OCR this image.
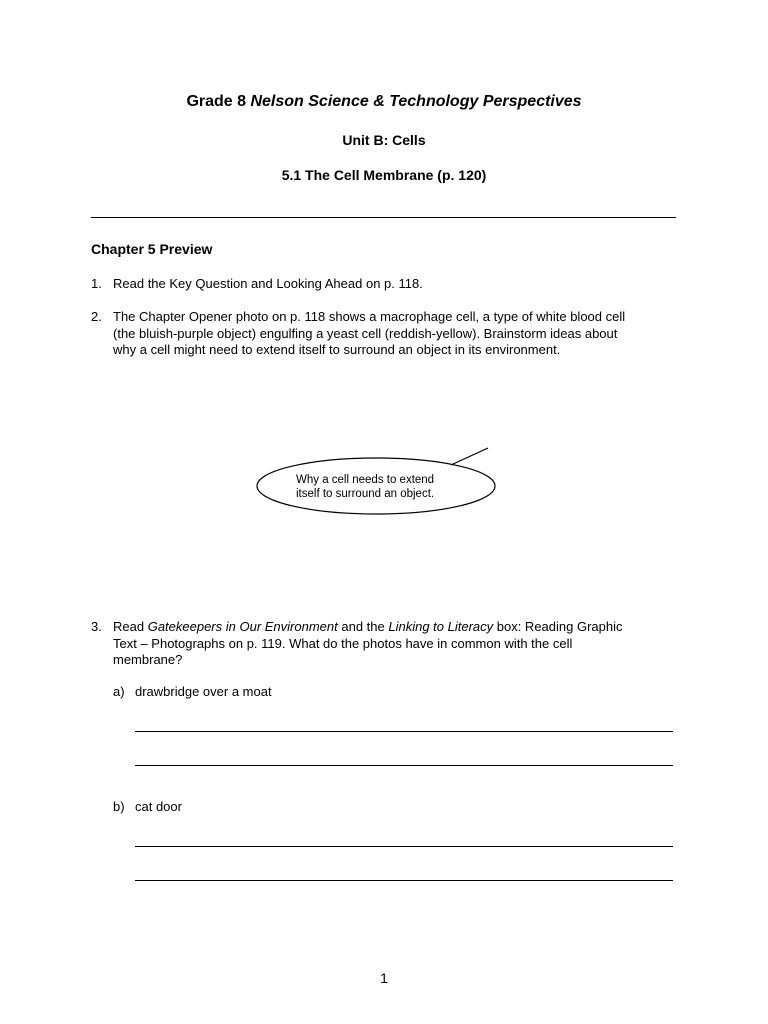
Grade 8 Nelson Science & Technology Perspectives
Unit B: Cells
5.1 The Cell Membrane (p. 120)
Chapter 5 Preview
1. Read the Key Question and Looking Ahead on p. 118.
2. The Chapter Opener photo on p. 118 shows a macrophage cell, a type of white blood cell
(the bluish-purple object) engulfing a yeast cell (reddish-yellow). Brainstorm ideas about
why a cell might need to extend itself to surround an object in its environment.
Why a cell needs to extend
itself to surround an object.
3. Read Gatekeepers in Our Environment and the Linking to Literacy box: Reading Graphic
Text – Photographs on p. 119. What do the photos have in common with the cell
membrane?
a) drawbridge over a moat
b) cat door
1
